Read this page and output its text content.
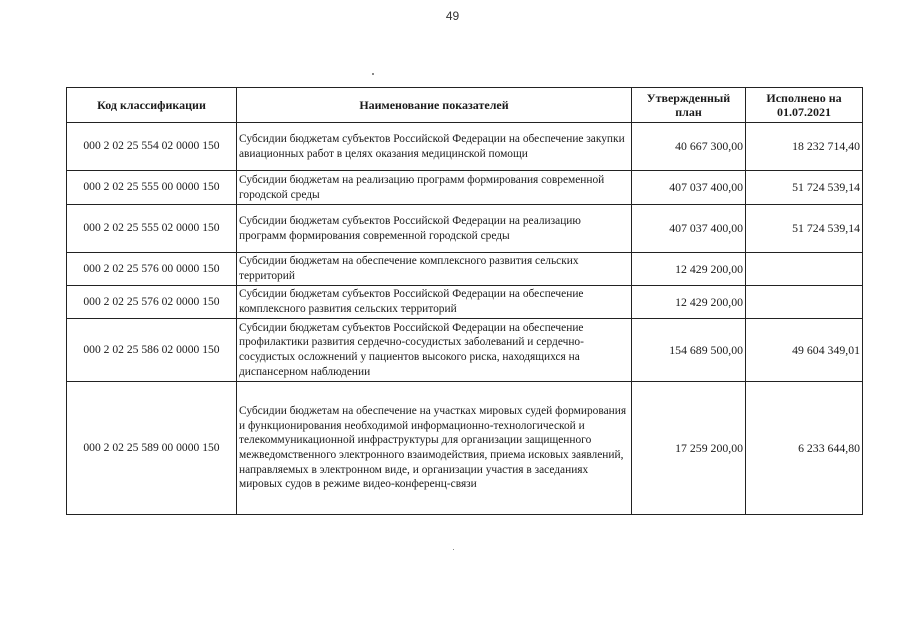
49
Код классификации	Наименование показателей	Утвержденный план	Исполнено на 01.07.2021
000 2 02 25 554 02 0000 150	Субсидии бюджетам субъектов Российской Федерации на обеспечение закупки авиационных работ в целях оказания медицинской помощи	40 667 300,00	18 232 714,40
000 2 02 25 555 00 0000 150	Субсидии бюджетам на реализацию программ формирования современной городской среды	407 037 400,00	51 724 539,14
000 2 02 25 555 02 0000 150	Субсидии бюджетам субъектов Российской Федерации на реализацию программ формирования современной городской среды	407 037 400,00	51 724 539,14
000 2 02 25 576 00 0000 150	Субсидии бюджетам на обеспечение комплексного развития сельских территорий	12 429 200,00	
000 2 02 25 576 02 0000 150	Субсидии бюджетам субъектов Российской Федерации на обеспечение комплексного развития сельских территорий	12 429 200,00	
000 2 02 25 586 02 0000 150	Субсидии бюджетам субъектов Российской Федерации на обеспечение профилактики развития сердечно-сосудистых заболеваний и сердечно-сосудистых осложнений у пациентов высокого риска, находящихся на диспансерном наблюдении	154 689 500,00	49 604 349,01
000 2 02 25 589 00 0000 150	Субсидии бюджетам на обеспечение на участках мировых судей формирования и функционирования необходимой информационно-технологической и телекоммуникационной инфраструктуры для организации защищенного межведомственного электронного взаимодействия, приема исковых заявлений, направляемых в электронном виде, и организации участия в заседаниях мировых судов в режиме видео-конференц-связи	17 259 200,00	6 233 644,80
